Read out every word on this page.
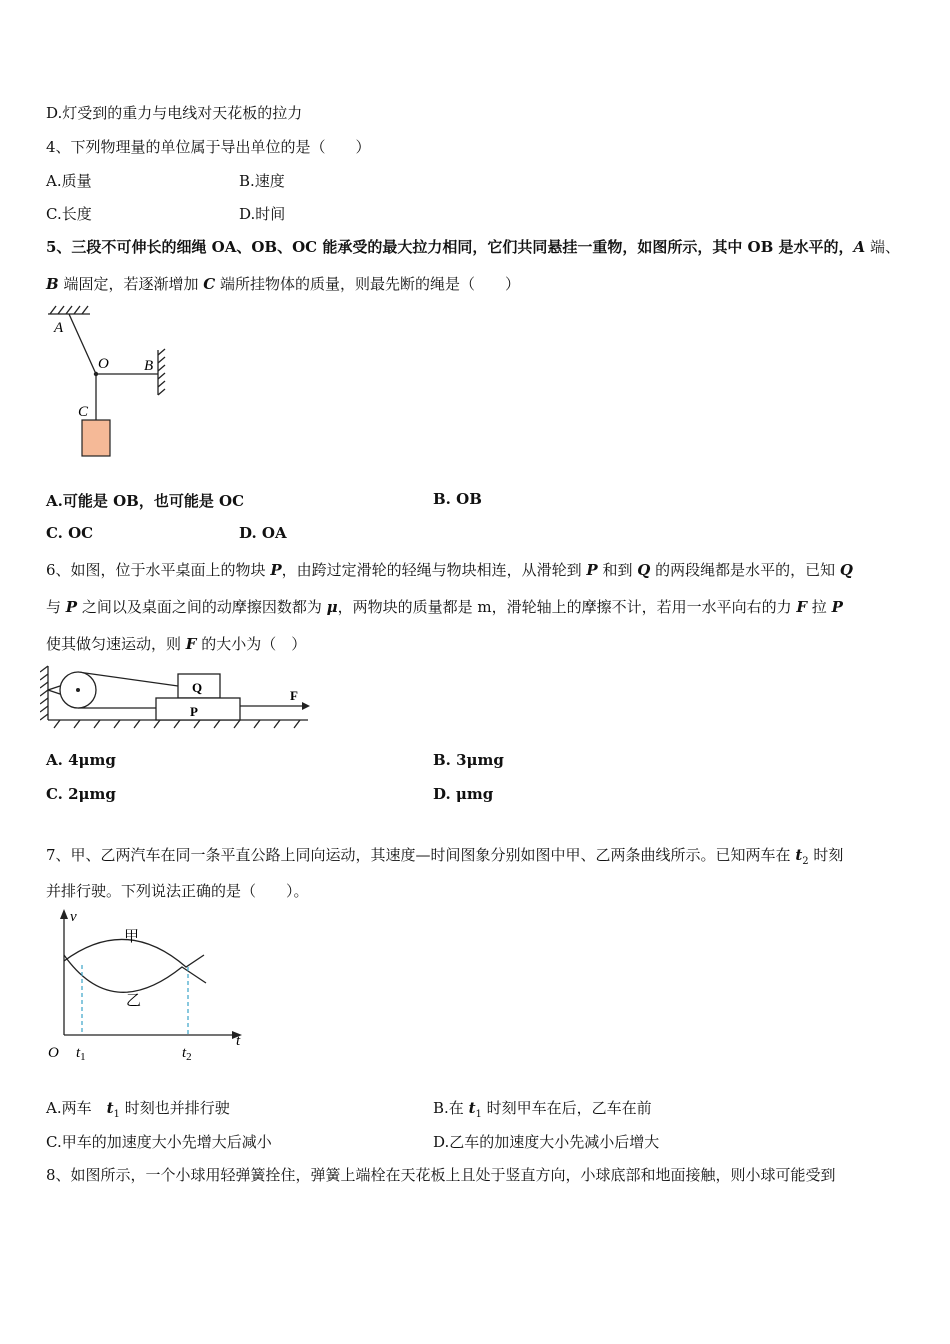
D.灯受到的重力与电线对天花板的拉力
4、下列物理量的单位属于导出单位的是（　　）
A.质量	B.速度
C.长度	D.时间
5、三段不可伸长的细绳 OA、OB、OC 能承受的最大拉力相同，它们共同悬挂一重物，如图所示，其中 OB 是水平的，A 端、
B 端固定，若逐渐增加 C 端所挂物体的质量，则最先断的绳是（　　）
A
O B
C
A.可能是 OB，也可能是 OC	B. OB
C. OC	D. OA
6、如图，位于水平桌面上的物块 P，由跨过定滑轮的轻绳与物块相连，从滑轮到 P 和到 Q 的两段绳都是水平的，已知 Q
与 P 之间以及桌面之间的动摩擦因数都为 μ，两物块的质量都是 m，滑轮轴上的摩擦不计，若用一水平向右的力 F 拉 P
使其做匀速运动，则 F 的大小为（　）
Q
P
F
A. 4μmg	B. 3μmg
C. 2μmg	D. μmg
7、甲、乙两汽车在同一条平直公路上同向运动，其速度—时间图象分别如图中甲、乙两条曲线所示。已知两车在 $t_2$ 时刻
并排行驶。下列说法正确的是（　　）。
v
t
O $t_1$	$t_2$
甲
乙
A.两车　$t_1$ 时刻也并排行驶	B.在 $t_1$ 时刻甲车在后，乙车在前
C.甲车的加速度大小先增大后减小	D.乙车的加速度大小先减小后增大
8、如图所示，一个小球用轻弹簧拴住，弹簧上端栓在天花板上且处于竖直方向，小球底部和地面接触，则小球可能受到
